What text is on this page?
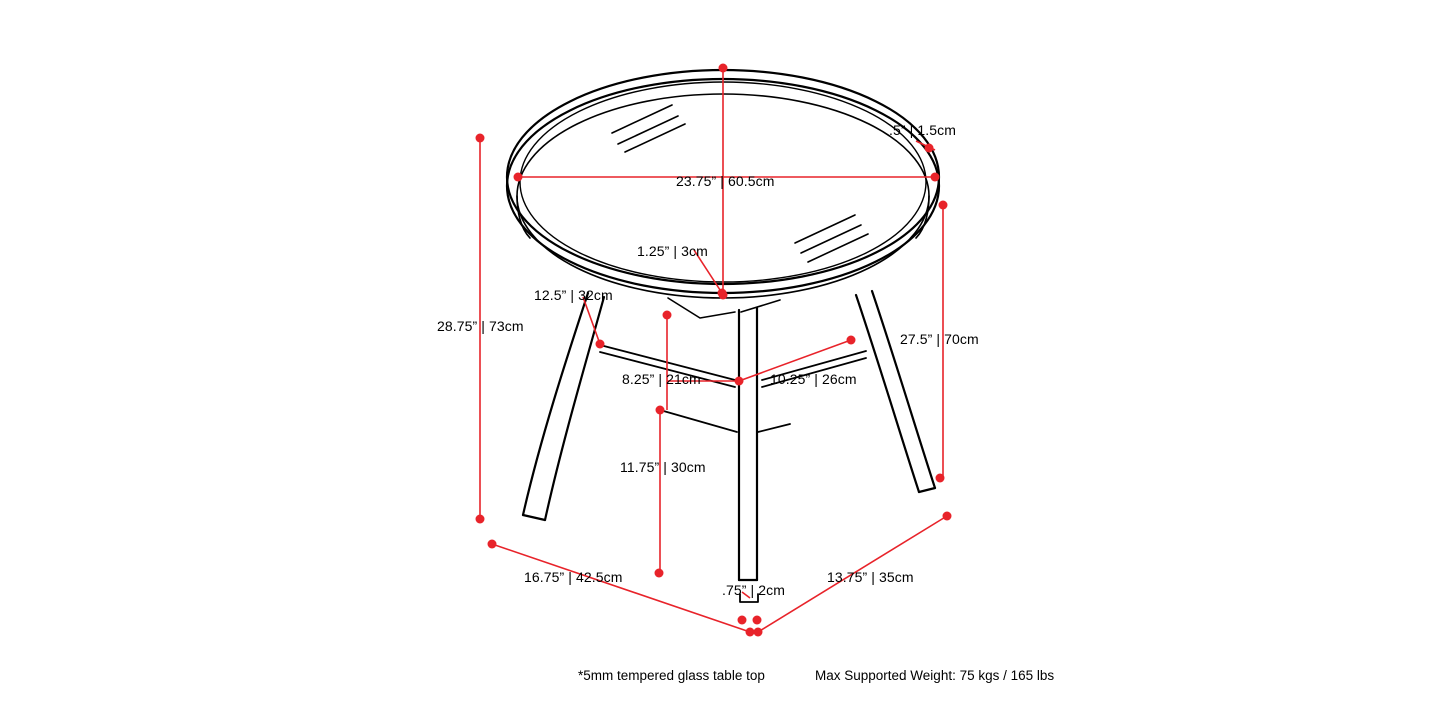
.5” | 1.5cm
23.75” | 60.5cm
1.25” | 3cm
28.75” | 73cm
12.5” | 32cm
27.5” | 70cm
8.25” | 21cm	10.25” | 26cm
11.75” | 30cm
16.75” | 42.5cm
.75” | 2cm
13.75” | 35cm
*5mm tempered glass table top	Max Supported Weight: 75 kgs / 165 lbs
